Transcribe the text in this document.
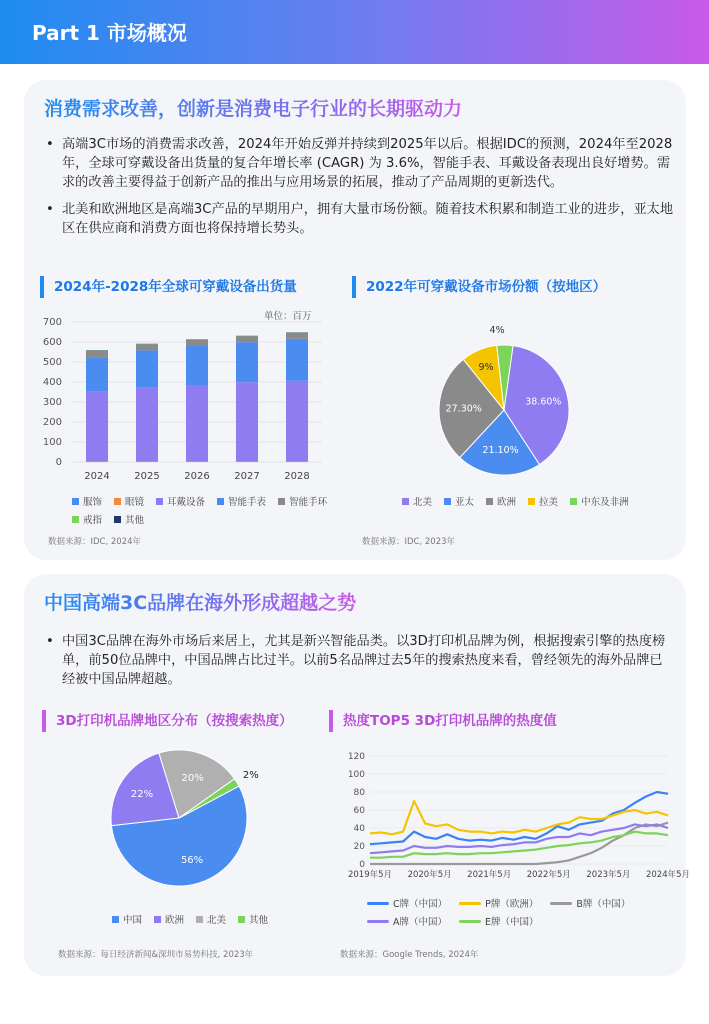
Part 1 市场概况
消费需求改善，创新是消费电子行业的长期驱动力
• 高端3C市场的消费需求改善，2024年开始反弹并持续到2025年以后。根据IDC的预测，2024年至2028年，全球可穿戴设备出货量的复合年增长率 (CAGR) 为 3.6%，智能手表、耳戴设备表现出良好增势。需求的改善主要得益于创新产品的推出与应用场景的拓展，推动了产品周期的更新迭代。
• 北美和欧洲地区是高端3C产品的早期用户，拥有大量市场份额。随着技术积累和制造工业的进步，亚太地区在供应商和消费方面也将保持增长势头。
2024年-2028年全球可穿戴设备出货量	2022年可穿戴设备市场份额（按地区）
单位：百万
0
100
200
300
400
500
600
700
2024 2025 2026 2027 2028
服饰 眼镜 耳戴设备 智能手表 智能手环
戒指 其他
38.60%
21.10%
27.30%
9%
4%
北美 亚太 欧洲 拉美 中东及非洲
数据来源：IDC, 2024年	数据来源：IDC, 2023年
中国高端3C品牌在海外形成超越之势
• 中国3C品牌在海外市场后来居上，尤其是新兴智能品类。以3D打印机品牌为例，根据搜索引擎的热度榜单，前50位品牌中，中国品牌占比过半。以前5名品牌过去5年的搜索热度来看，曾经领先的海外品牌已经被中国品牌超越。
3D打印机品牌地区分布（按搜索热度）	热度TOP5 3D打印机品牌的热度值
56%
22%
20%	2%
中国 欧洲 北美 其他
0
20
40
60
80
100
120
2019年5月 2020年5月 2021年5月 2022年5月 2023年5月 2024年5月
C牌（中国）	P牌（欧洲）	B牌（中国）
A牌（中国）	E牌（中国）
数据来源：每日经济新闻&深圳市易势科技, 2023年	数据来源：Google Trends, 2024年
